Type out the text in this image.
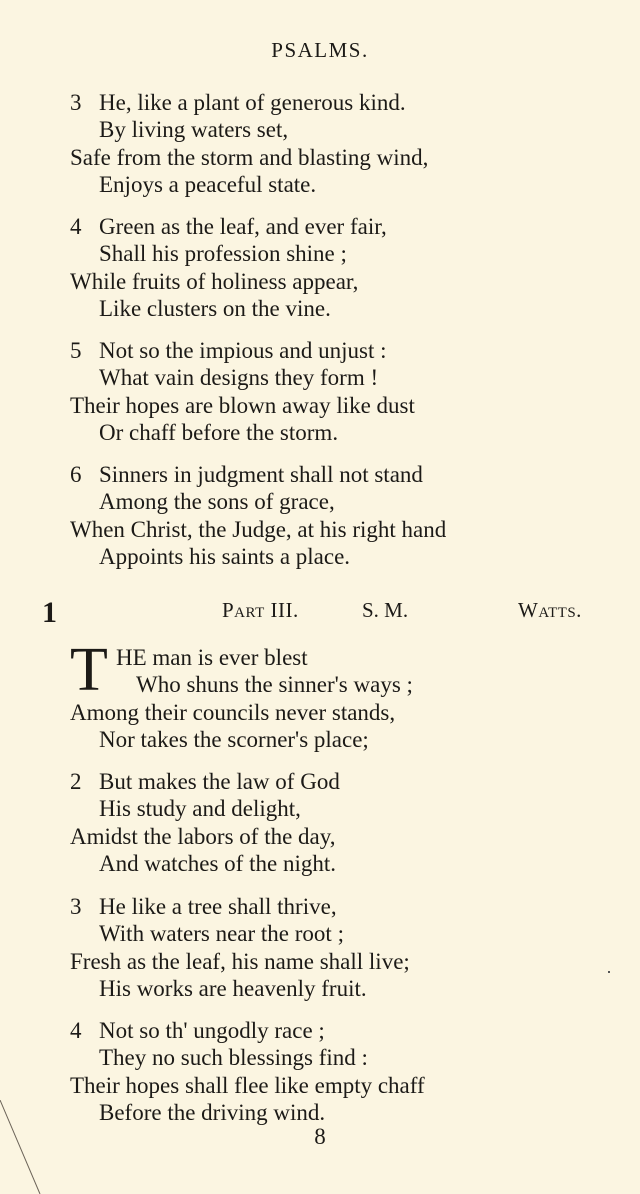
PSALMS.
3 He, like a plant of generous kind.
By living waters set,
Safe from the storm and blasting wind,
Enjoys a peaceful state.
4 Green as the leaf, and ever fair,
Shall his profession shine ;
While fruits of holiness appear,
Like clusters on the vine.
5 Not so the impious and unjust :
What vain designs they form !
Their hopes are blown away like dust
Or chaff before the storm.
6 Sinners in judgment shall not stand
Among the sons of grace,
When Christ, the Judge, at his right hand
Appoints his saints a place.
1	Part III.	S. M.	Watts.
T HE man is ever blest
Who shuns the sinner's ways ;
Among their councils never stands,
Nor takes the scorner's place;
2 But makes the law of God
His study and delight,
Amidst the labors of the day,
And watches of the night.
3 He like a tree shall thrive,
With waters near the root ;
Fresh as the leaf, his name shall live;
His works are heavenly fruit.
4 Not so th' ungodly race ;
They no such blessings find :
Their hopes shall flee like empty chaff
Before the driving wind.
8
